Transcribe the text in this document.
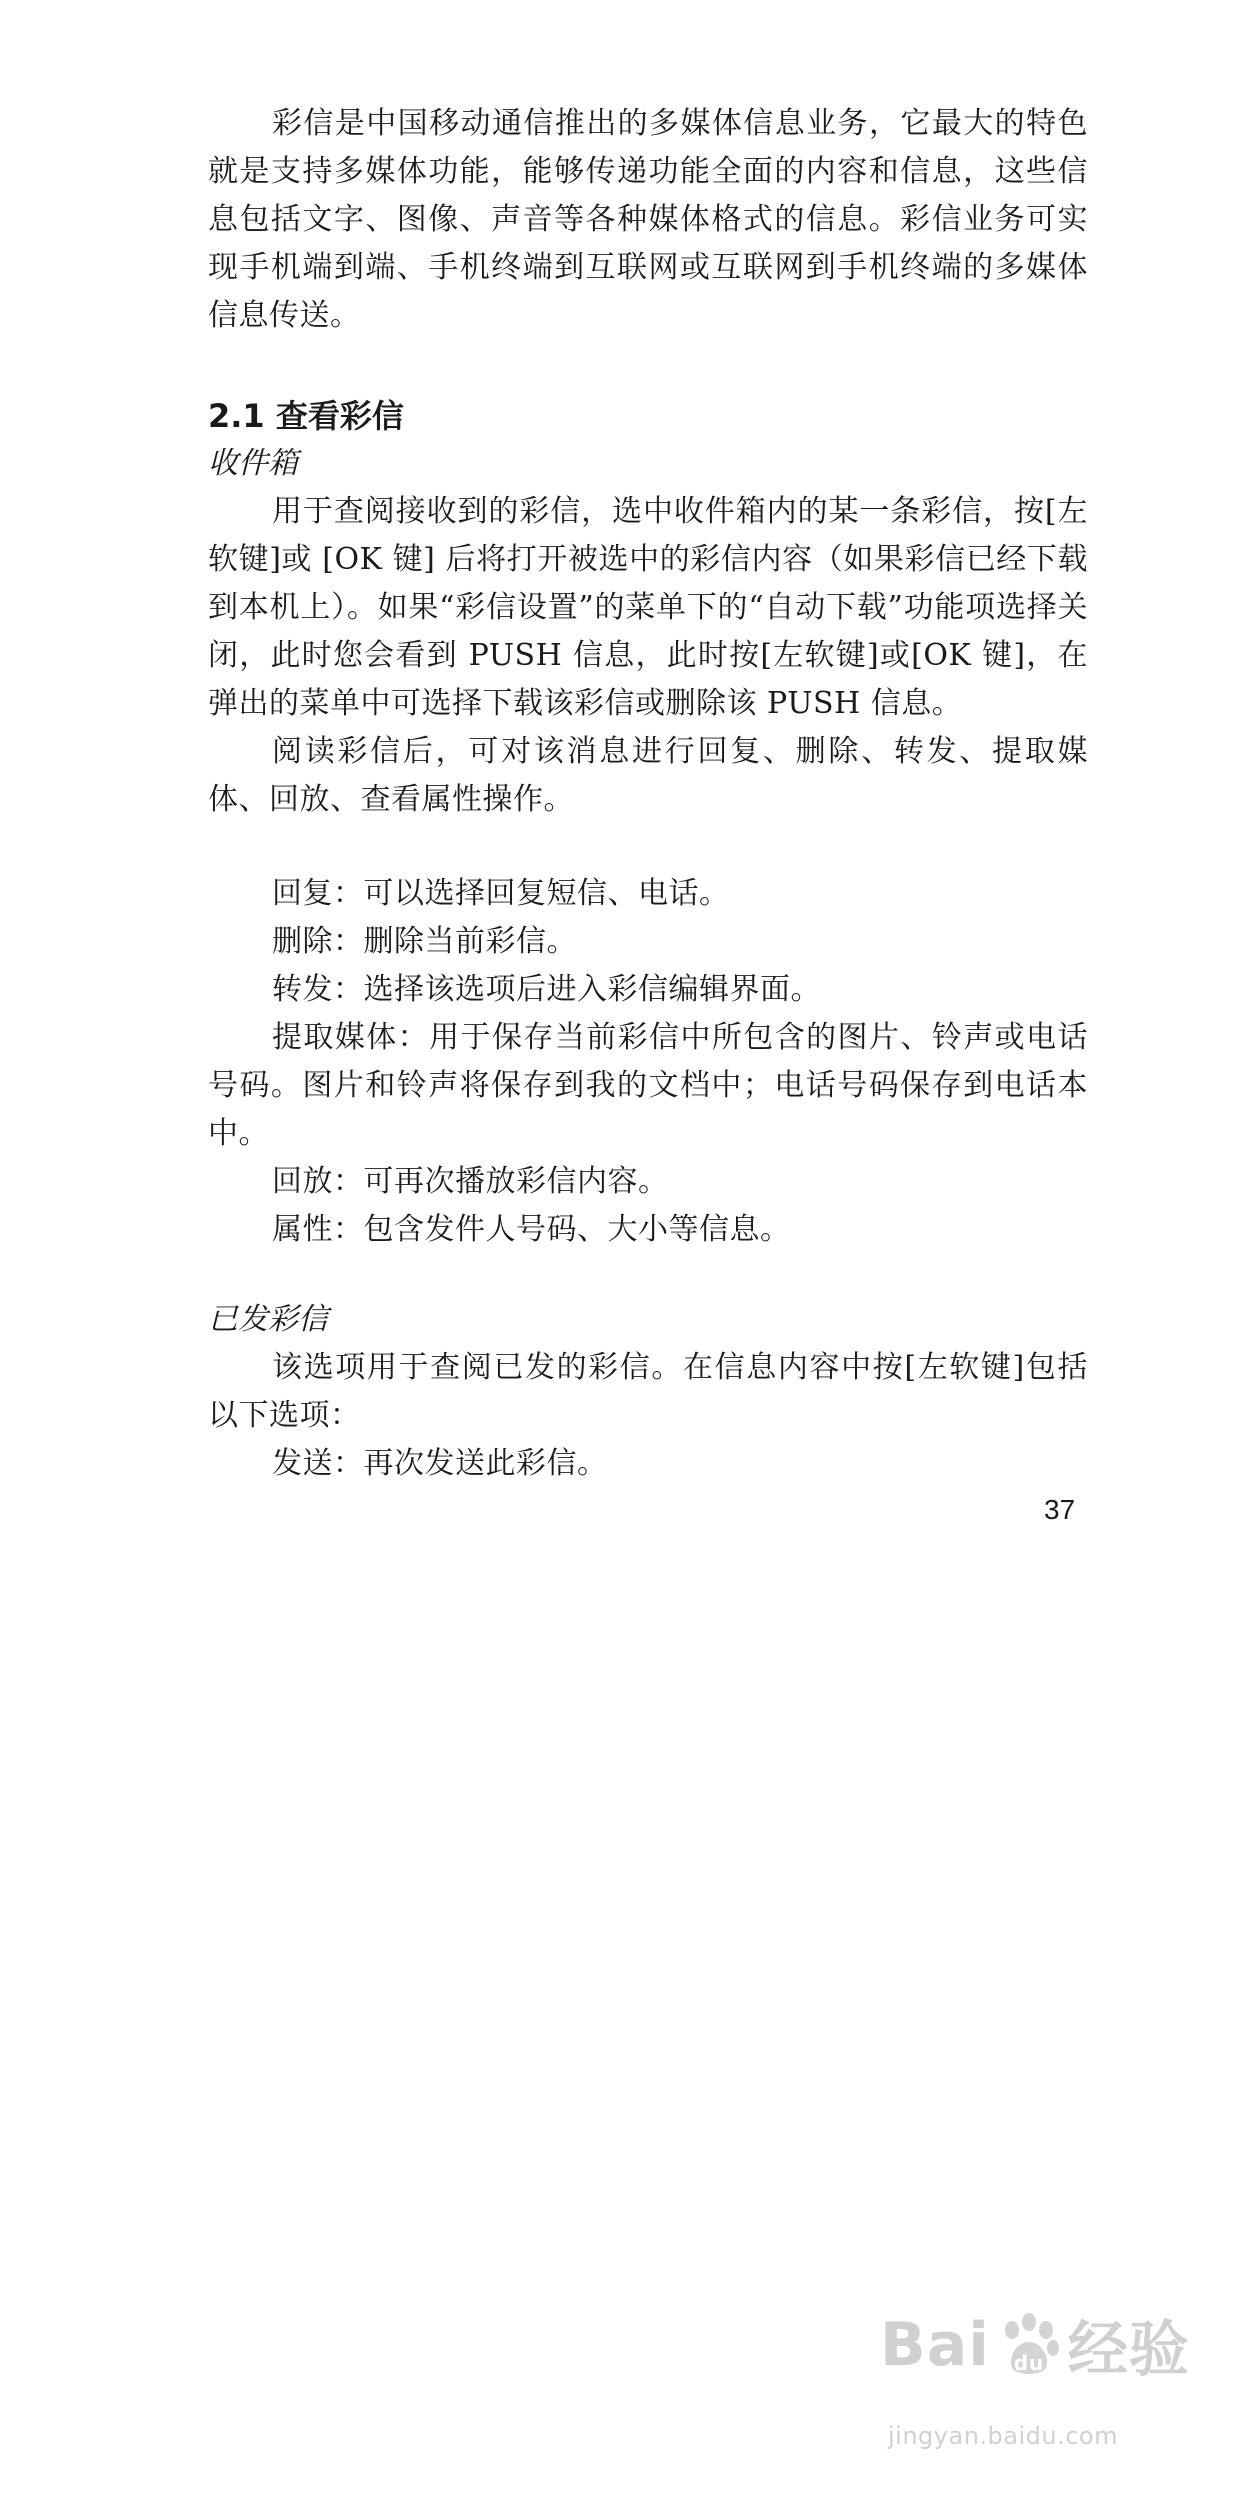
彩信是中国移动通信推出的多媒体信息业务，它最大的特色就是支持多媒体功能，能够传递功能全面的内容和信息，这些信息包括文字、图像、声音等各种媒体格式的信息。彩信业务可实现手机端到端、手机终端到互联网或互联网到手机终端的多媒体信息传送。

2.1 查看彩信
收件箱

用于查阅接收到的彩信，选中收件箱内的某一条彩信，按[左软键]或 [OK 键] 后将打开被选中的彩信内容（如果彩信已经下载到本机上）。如果“彩信设置”的菜单下的“自动下载”功能项选择关闭，此时您会看到 PUSH 信息，此时按[左软键]或[OK 键]，在弹出的菜单中可选择下载该彩信或删除该 PUSH 信息。

阅读彩信后，可对该消息进行回复、删除、转发、提取媒体、回放、查看属性操作。

回复：可以选择回复短信、电话。

删除：删除当前彩信。

转发：选择该选项后进入彩信编辑界面。

提取媒体：用于保存当前彩信中所包含的图片、铃声或电话号码。图片和铃声将保存到我的文档中；电话号码保存到电话本中。

回放：可再次播放彩信内容。

属性：包含发件人号码、大小等信息。

已发彩信

该选项用于查阅已发的彩信。在信息内容中按[左软键]包括以下选项：

发送：再次发送此彩信。

37
Bai du 经验
jingyan.baidu.com
